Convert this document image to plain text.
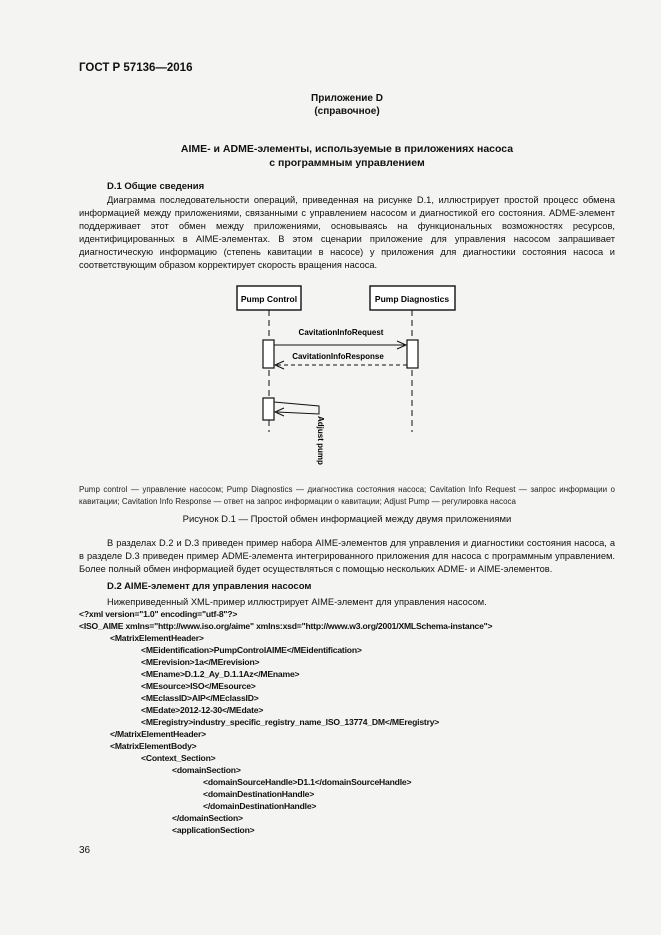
ГОСТ Р 57136—2016
Приложение D
(справочное)
AIME- и ADME-элементы, используемые в приложениях насоса
с программным управлением
D.1 Общие сведения

Диаграмма последовательности операций, приведенная на рисунке D.1, иллюстрирует простой процесс обмена информацией между приложениями, связанными с управлением насосом и диагностикой его состояния. ADME-элемент поддерживает этот обмен между приложениями, основываясь на функциональных возможностях ресурсов, идентифицированных в AIME-элементах. В этом сценарии приложение для управления насосом запрашивает диагностическую информацию (степень кавитации в насосе) у приложения для диагностики состояния насоса и соответствующим образом корректирует скорость вращения насоса.

Pump Control	Pump Diagnostics
CavitationInfoRequest
CavitationInfoResponse
Adjust pump
Pump control — управление насосом; Pump Diagnostics — диагностика состояния насоса; Cavitation Info Request — запрос информации о кавитации; Cavitation Info Response — ответ на запрос информации о кавитации; Adjust Pump — регулировка насоса
Рисунок D.1 — Простой обмен информацией между двумя приложениями

В разделах D.2 и D.3 приведен пример набора AIME-элементов для управления и диагностики состояния насоса, а в разделе D.3 приведен пример ADME-элемента интегрированного приложения для насоса с программным управлением. Более полный обмен информацией будет осуществляться с помощью нескольких ADME- и AIME-элементов.

D.2 AIME-элемент для управления насосом

Нижеприведенный XML-пример иллюстрирует AIME-элемент для управления насосом.

<?xml version="1.0" encoding="utf-8"?>
<ISO_AIME xmlns="http://www.iso.org/aime" xmlns:xsd="http://www.w3.org/2001/XMLSchema-instance">
<MatrixElementHeader>
<MEidentification>PumpControlAIME</MEidentification>
<MErevision>1a</MErevision>
<MEname>D.1.2_Ay_D.1.1Az</MEname>
<MEsource>ISO</MEsource>
<MEclassID>AIP</MEclassID>
<MEdate>2012-12-30</MEdate>
<MEregistry>industry_specific_registry_name_ISO_13774_DM</MEregistry>
</MatrixElementHeader>
<MatrixElementBody>
<Context_Section>
<domainSection>
<domainSourceHandle>D1.1</domainSourceHandle>
<domainDestinationHandle>
</domainDestinationHandle>
</domainSection>
<applicationSection>
36
